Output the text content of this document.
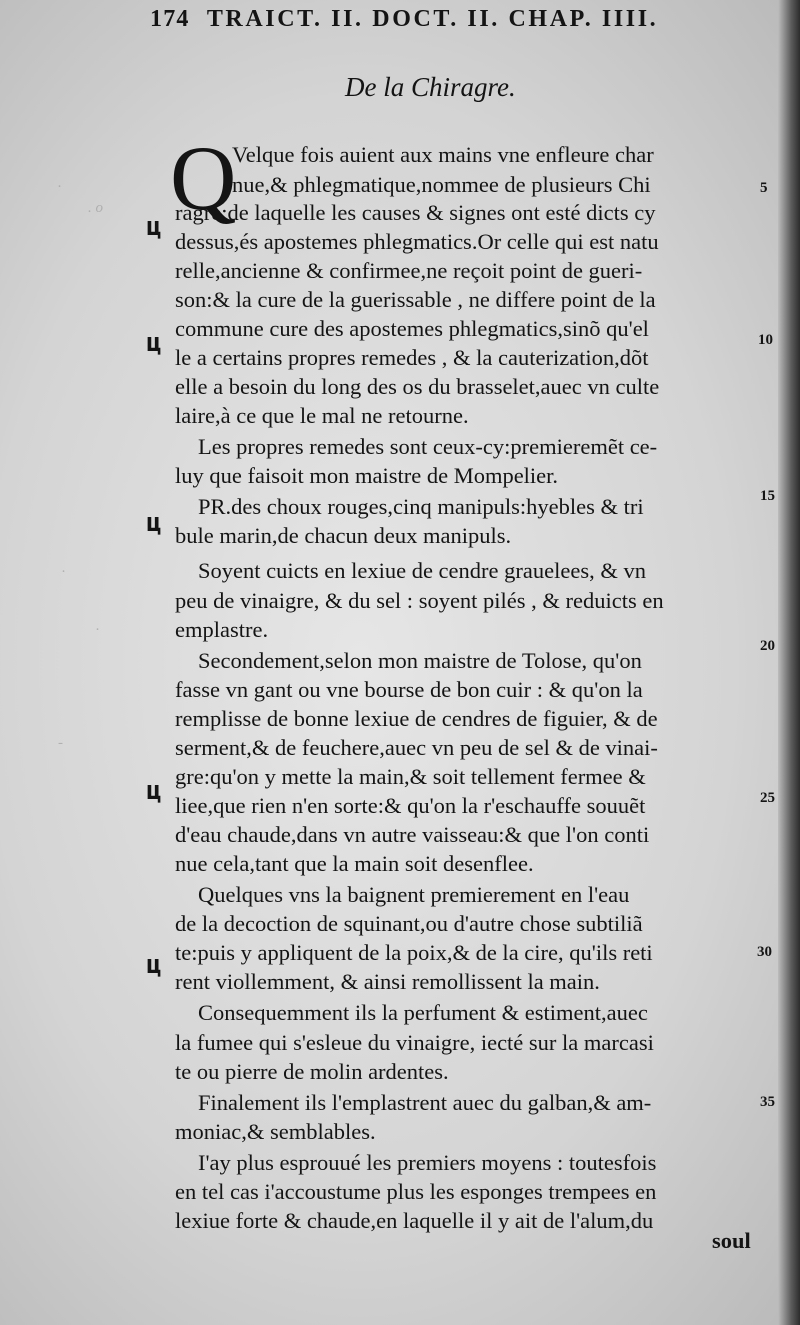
.
. o
.
.
-
174 TRAICT. II. DOCT. II. CHAP. IIII.
De la Chiragre.
Q
Velque fois auient aux mains vne enfleure char
nue,& phlegmatique,nommee de plusieurs Chi
ragre:de laquelle les causes & signes ont esté dicts cy
dessus,és apostemes phlegmatics.Or celle qui est natu
relle,ancienne & confirmee,ne reçoit point de gueri-
son:& la cure de la guerissable , ne differe point de la
commune cure des apostemes phlegmatics,sinõ qu'el
le a certains propres remedes , & la cauterization,dõt
elle a besoin du long des os du brasselet,auec vn culte
laire,à ce que le mal ne retourne.
Les propres remedes sont ceux-cy:premieremẽt ce-
luy que faisoit mon maistre de Mompelier.
PR.des choux rouges,cinq manipuls:hyebles & tri
bule marin,de chacun deux manipuls.
Soyent cuicts en lexiue de cendre grauelees, & vn
peu de vinaigre, & du sel : soyent pilés , & reduicts en
emplastre.
Secondement,selon mon maistre de Tolose, qu'on
fasse vn gant ou vne bourse de bon cuir : & qu'on la
remplisse de bonne lexiue de cendres de figuier, & de
serment,& de feuchere,auec vn peu de sel & de vinai-
gre:qu'on y mette la main,& soit tellement fermee &
liee,que rien n'en sorte:& qu'on la r'eschauffe souuẽt
d'eau chaude,dans vn autre vaisseau:& que l'on conti
nue cela,tant que la main soit desenflee.
Quelques vns la baignent premierement en l'eau
de la decoction de squinant,ou d'autre chose subtiliã
te:puis y appliquent de la poix,& de la cire, qu'ils reti
rent viollemment, & ainsi remollissent la main.
Consequemment ils la perfument & estiment,auec
la fumee qui s'esleue du vinaigre, iecté sur la marcasi
te ou pierre de molin ardentes.
Finalement ils l'emplastrent auec du galban,& am-
moniac,& semblables.
I'ay plus esprouué les premiers moyens : toutesfois
en tel cas i'accoustume plus les esponges trempees en
lexiue forte & chaude,en laquelle il y ait de l'alum,du
soul
5
10
15
20
25
30
35
ц
ц
ц
ц
ц
